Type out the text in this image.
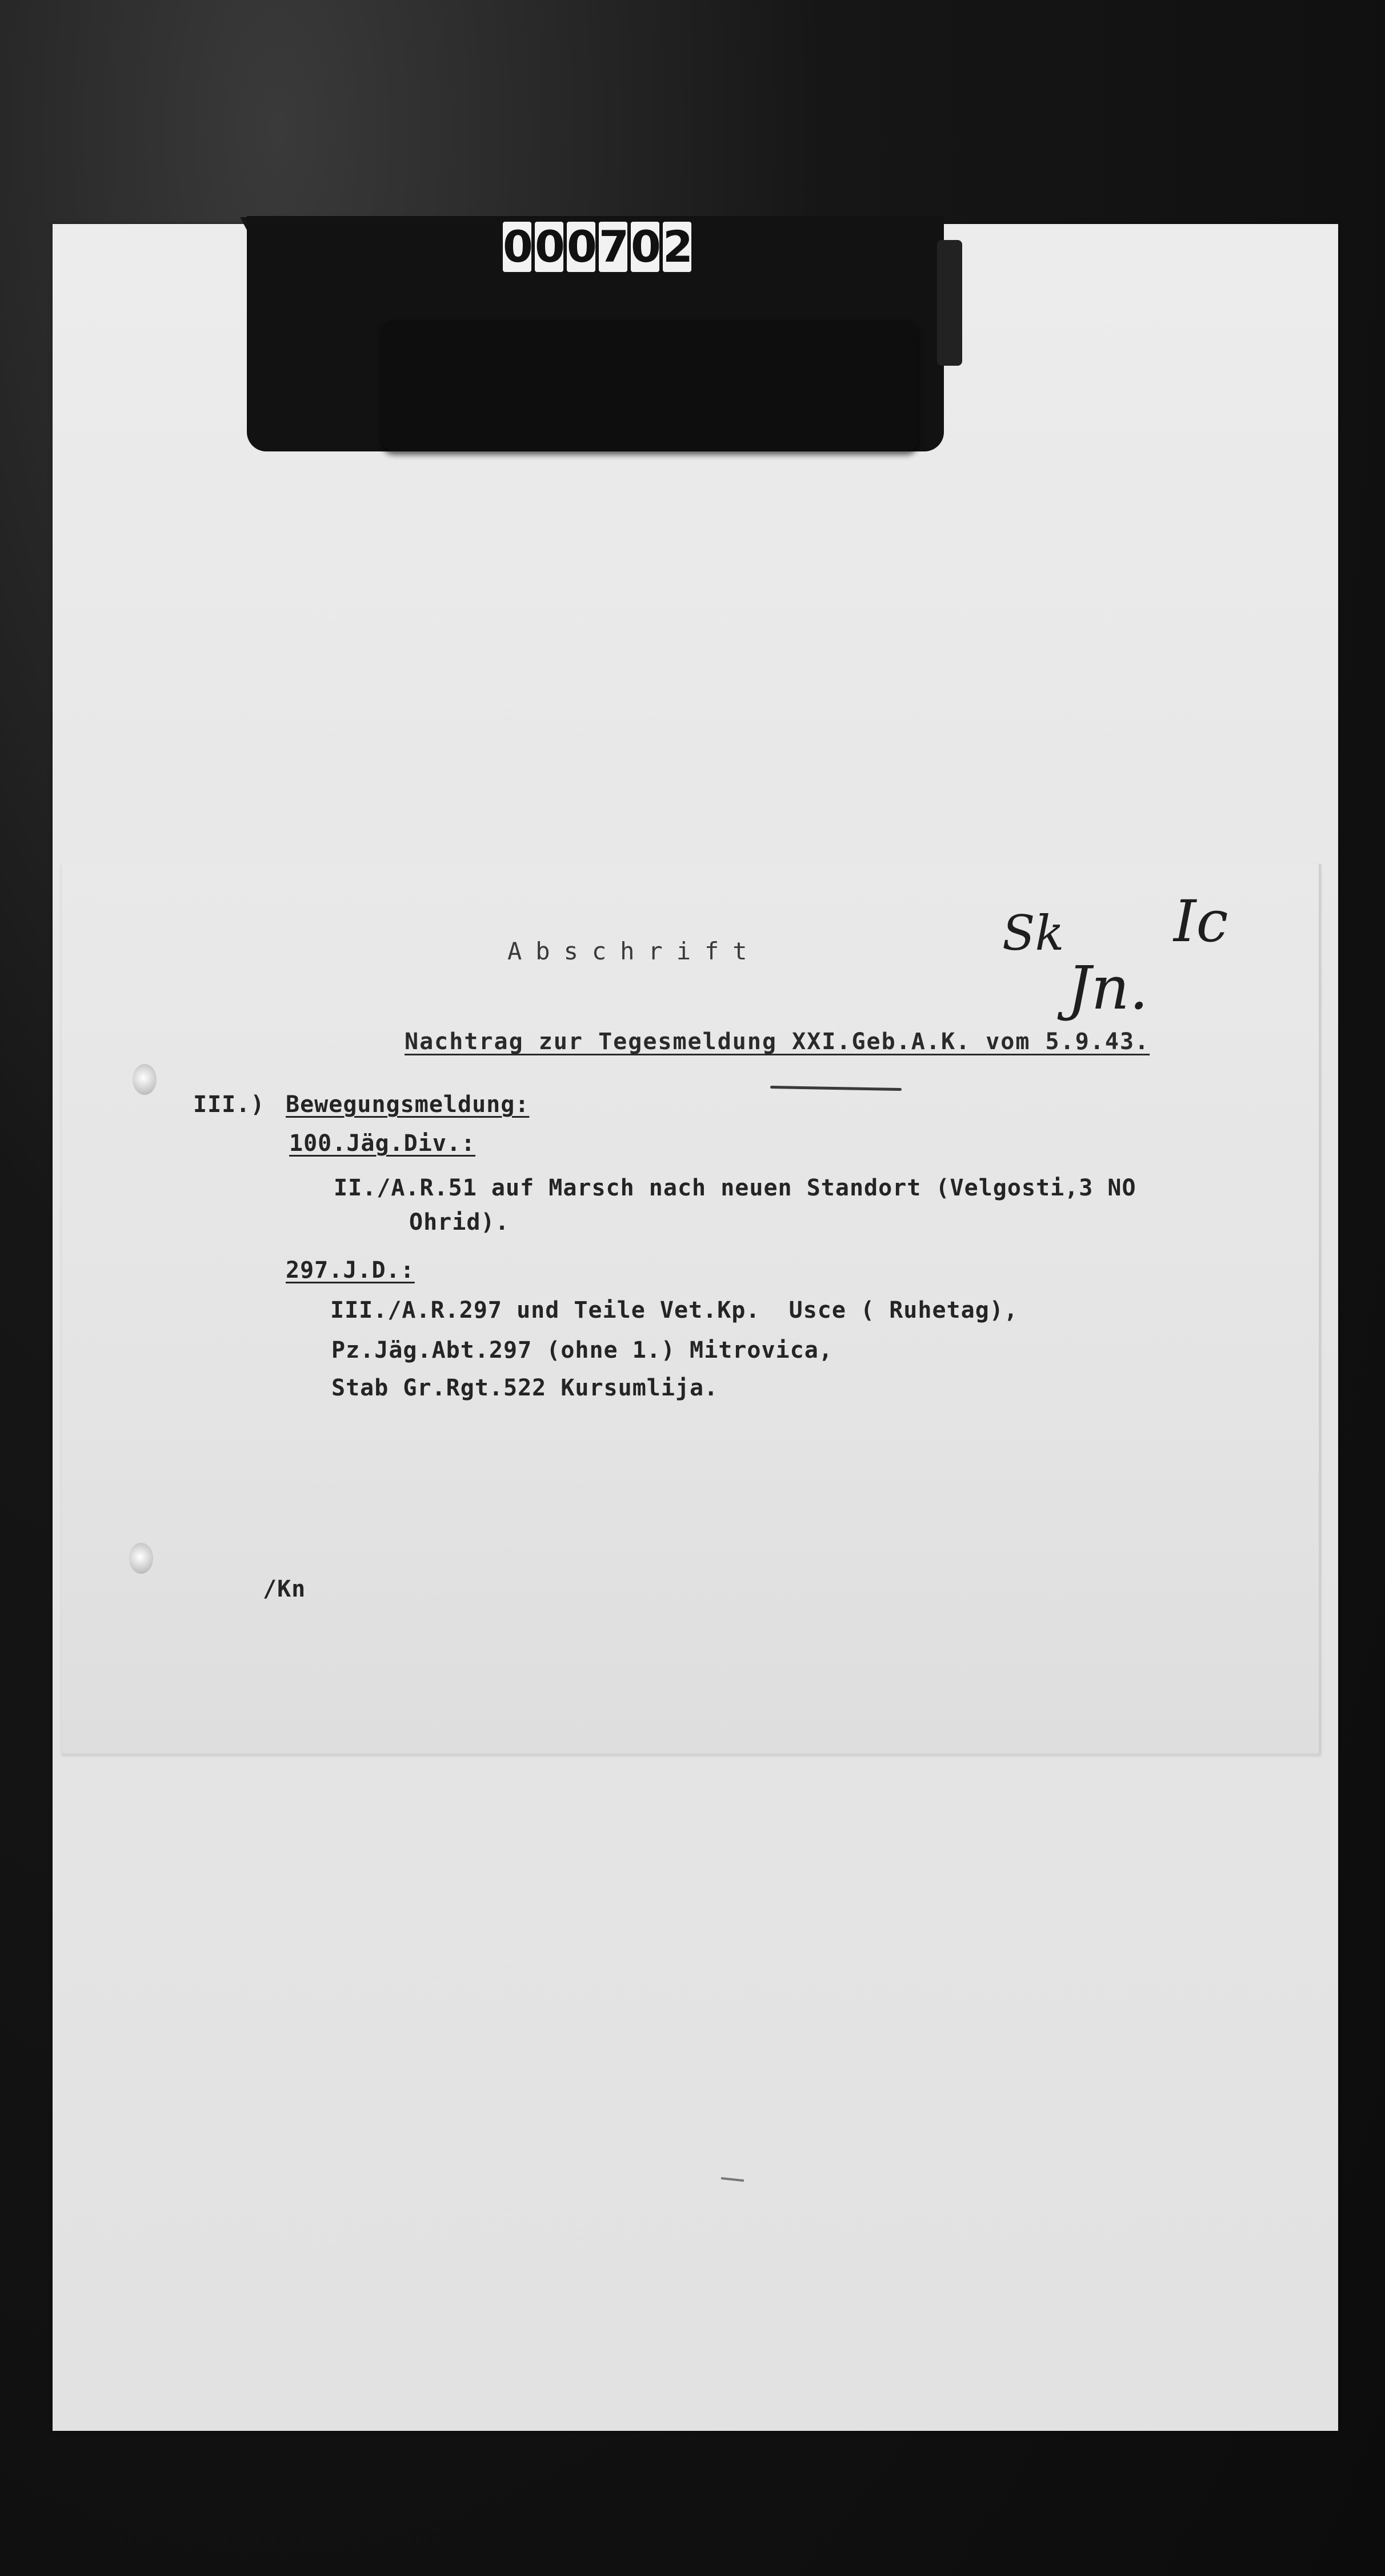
0 0 0 7 0 2
Abschrift
Nachtrag zur Tegesmeldung XXI.Geb.A.K. vom 5.9.43.
III.) Bewegungsmeldung:
100.Jäg.Div.:
II./A.R.51 auf Marsch nach neuen Standort (Velgosti,3 NO
Ohrid).
297.J.D.:
III./A.R.297 und Teile Vet.Kp.  Usce ( Ruhetag),
Pz.Jäg.Abt.297 (ohne 1.) Mitrovica,
Stab Gr.Rgt.522 Kursumlija.
/Kn
Sk Ic
Jn.
